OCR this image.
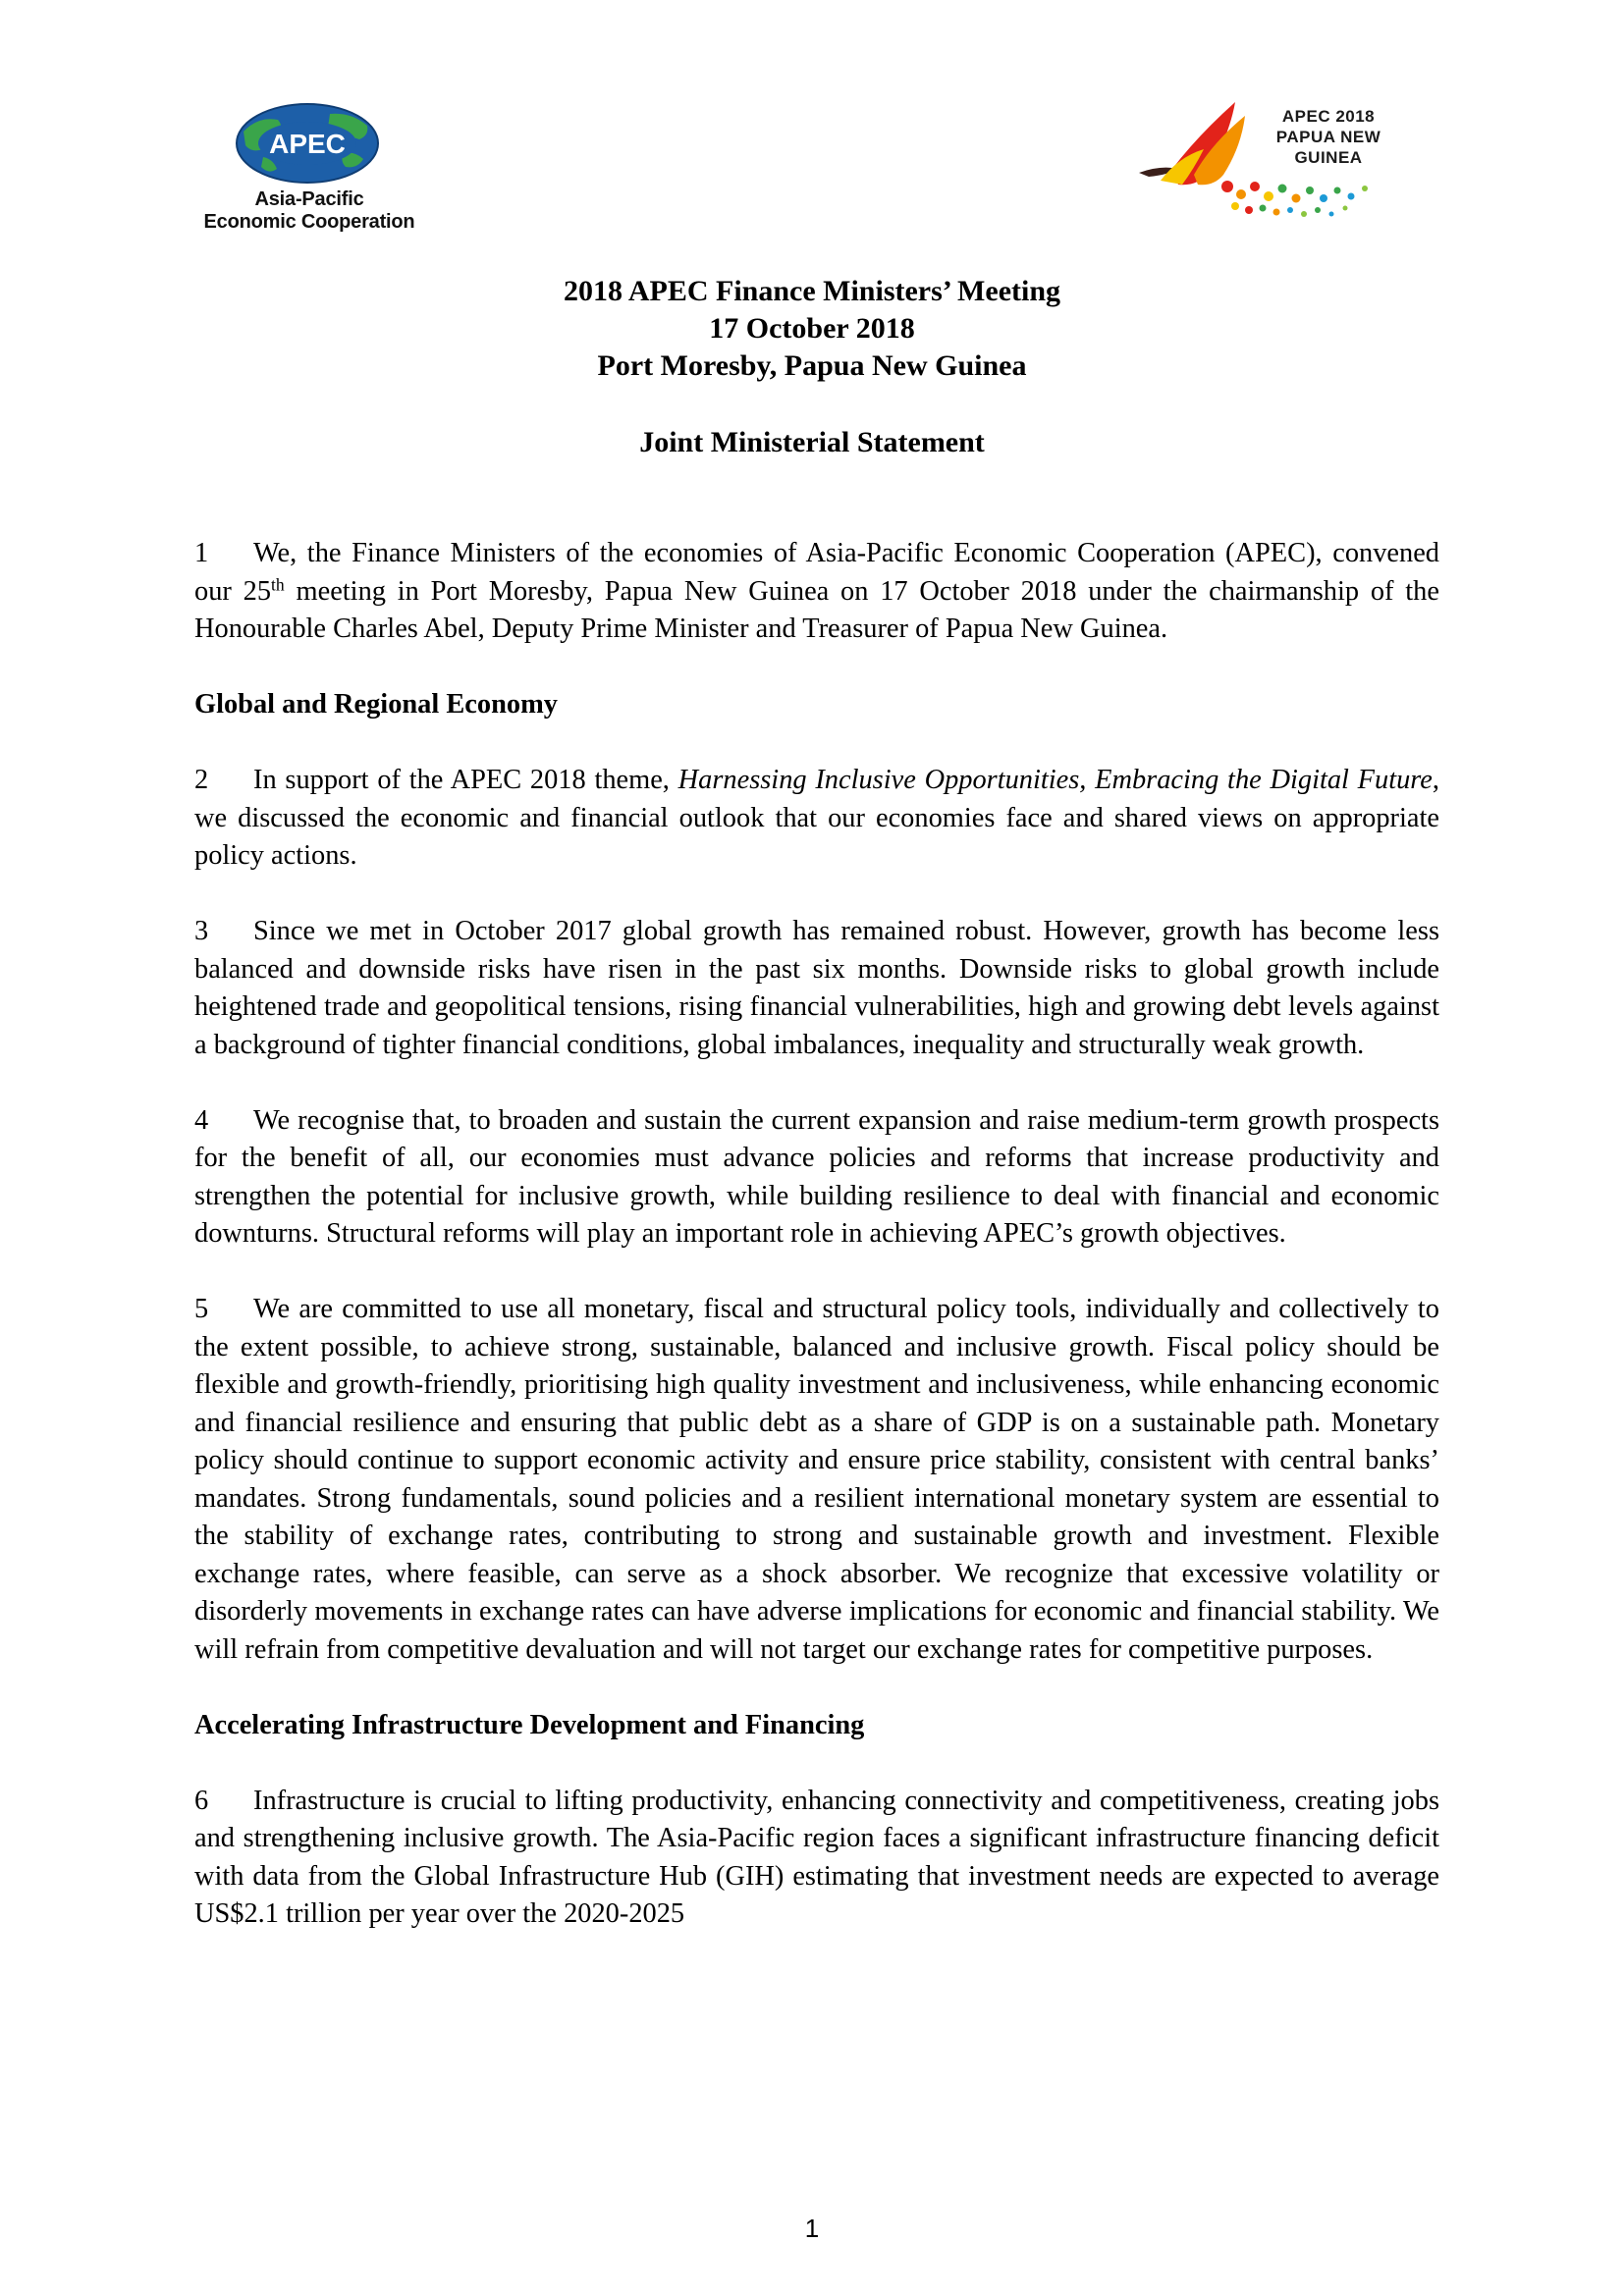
APEC
Asia-Pacific
Economic Cooperation
APEC 2018
PAPUA NEW
GUINEA
2018 APEC Finance Ministers’ Meeting
17 October 2018
Port Moresby, Papua New Guinea
Joint Ministerial Statement

1 We, the Finance Ministers of the economies of Asia-Pacific Economic Cooperation (APEC), convened our 25th meeting in Port Moresby, Papua New Guinea on 17 October 2018 under the chairmanship of the Honourable Charles Abel, Deputy Prime Minister and Treasurer of Papua New Guinea.

Global and Regional Economy

2 In support of the APEC 2018 theme, Harnessing Inclusive Opportunities, Embracing the Digital Future, we discussed the economic and financial outlook that our economies face and shared views on appropriate policy actions.

3 Since we met in October 2017 global growth has remained robust. However, growth has become less balanced and downside risks have risen in the past six months. Downside risks to global growth include heightened trade and geopolitical tensions, rising financial vulnerabilities, high and growing debt levels against a background of tighter financial conditions, global imbalances, inequality and structurally weak growth.

4 We recognise that, to broaden and sustain the current expansion and raise medium-term growth prospects for the benefit of all, our economies must advance policies and reforms that increase productivity and strengthen the potential for inclusive growth, while building resilience to deal with financial and economic downturns. Structural reforms will play an important role in achieving APEC’s growth objectives.

5 We are committed to use all monetary, fiscal and structural policy tools, individually and collectively to the extent possible, to achieve strong, sustainable, balanced and inclusive growth. Fiscal policy should be flexible and growth-friendly, prioritising high quality investment and inclusiveness, while enhancing economic and financial resilience and ensuring that public debt as a share of GDP is on a sustainable path. Monetary policy should continue to support economic activity and ensure price stability, consistent with central banks’ mandates. Strong fundamentals, sound policies and a resilient international monetary system are essential to the stability of exchange rates, contributing to strong and sustainable growth and investment. Flexible exchange rates, where feasible, can serve as a shock absorber. We recognize that excessive volatility or disorderly movements in exchange rates can have adverse implications for economic and financial stability. We will refrain from competitive devaluation and will not target our exchange rates for competitive purposes.

Accelerating Infrastructure Development and Financing

6 Infrastructure is crucial to lifting productivity, enhancing connectivity and competitiveness, creating jobs and strengthening inclusive growth. The Asia-Pacific region faces a significant infrastructure financing deficit with data from the Global Infrastructure Hub (GIH) estimating that investment needs are expected to average US$2.1 trillion per year over the 2020-2025

1
